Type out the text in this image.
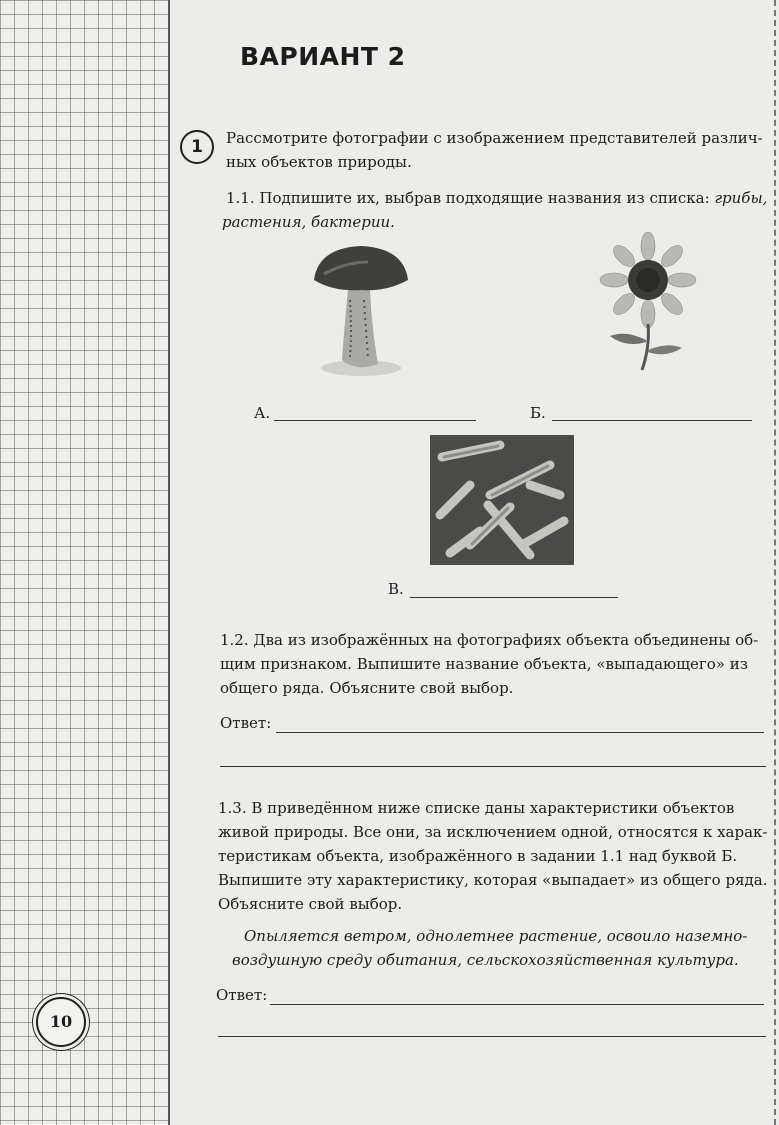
ВАРИАНТ 2
1	Рассмотрите фотографии с изображением представителей различ-
ных объектов природы.
1.1. Подпишите их, выбрав подходящие названия из списка: грибы,
растения, бактерии.
А.	Б.
В.
1.2. Два из изображённых на фотографиях объекта объединены об-
щим признаком. Выпишите название объекта, «выпадающего» из
общего ряда. Объясните свой выбор.
Ответ:
1.3. В приведённом ниже списке даны характеристики объектов
живой природы. Все они, за исключением одной, относятся к харак-
теристикам объекта, изображённого в задании 1.1 над буквой Б.
Выпишите эту характеристику, которая «выпадает» из общего ряда.
Объясните свой выбор.
Опыляется ветром, однолетнее растение, освоило наземно-
воздушную среду обитания, сельскохозяйственная культура.
Ответ:
10
